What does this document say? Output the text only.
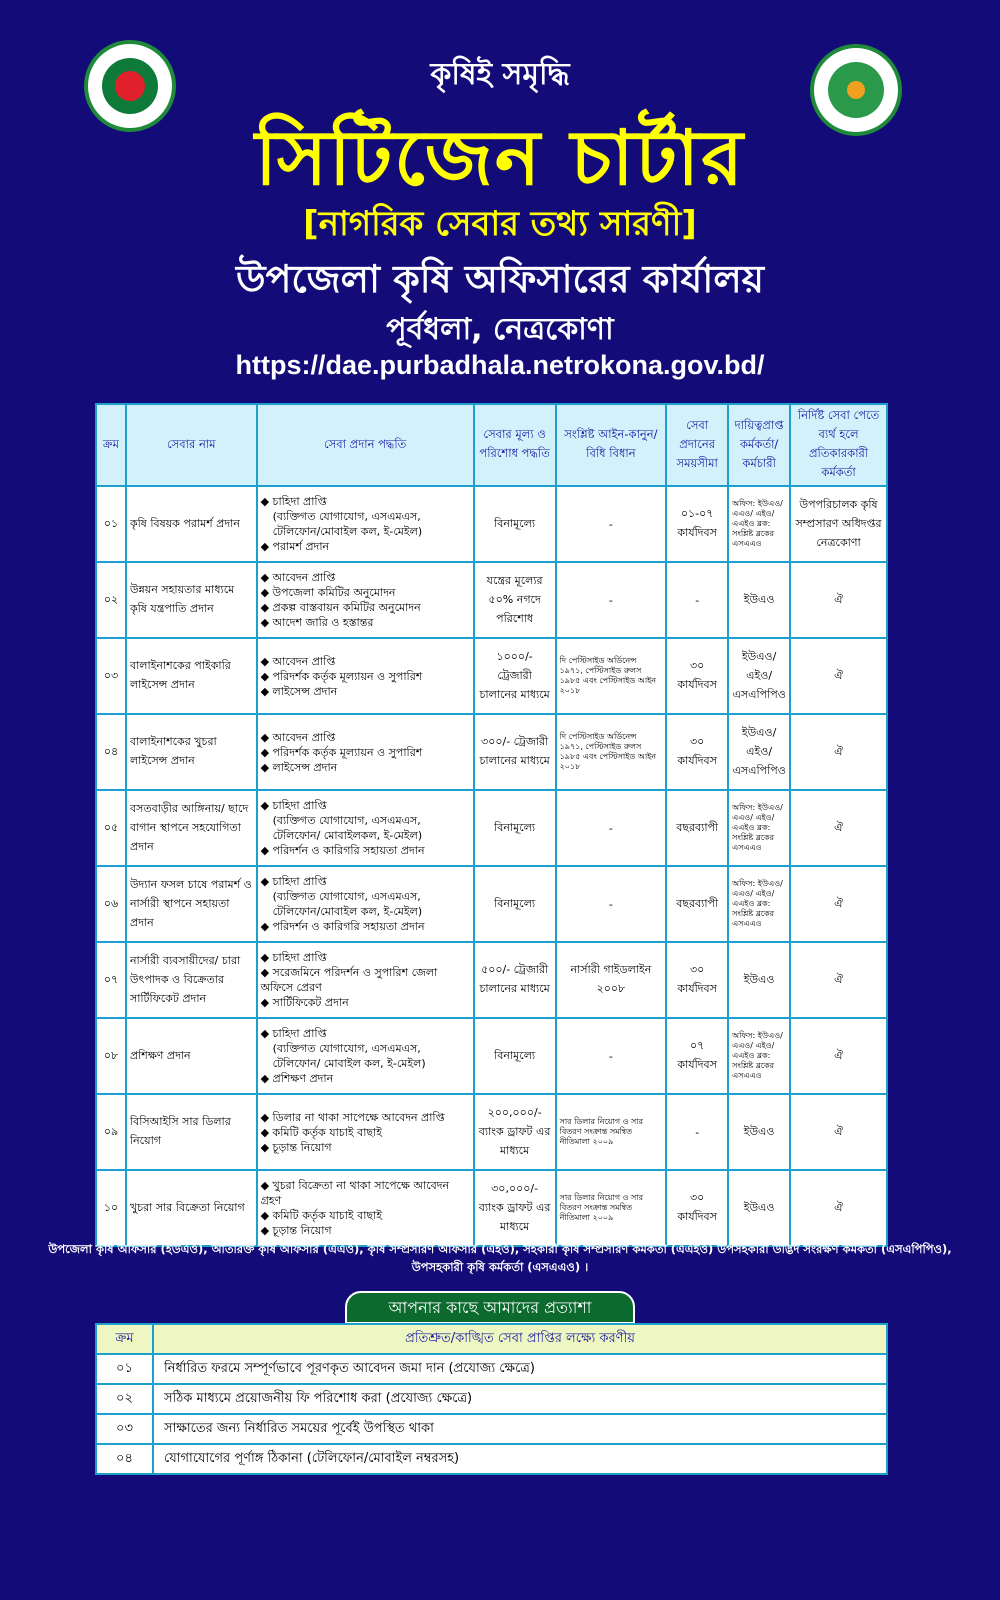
কৃষিই সমৃদ্ধি
সিটিজেন চার্টার
[নাগরিক সেবার তথ্য সারণী]
উপজেলা কৃষি অফিসারের কার্যালয়
পূর্বধলা, নেত্রকোণা
https://dae.purbadhala.netrokona.gov.bd/
ক্রম	সেবার নাম	সেবা প্রদান পদ্ধতি	সেবার মূল্য ও পরিশোধ পদ্ধতি	সংশ্লিষ্ট আইন-কানুন/ বিধি বিধান	সেবা প্রদানের সময়সীমা	দায়িত্বপ্রাপ্ত কর্মকর্তা/ কর্মচারী	নির্দিষ্ট সেবা পেতে ব্যর্থ হলে প্রতিকারকারী কর্মকর্তা
০১	কৃষি বিষয়ক পরামর্শ প্রদান	◆ চাহিদা প্রাপ্তি
(ব্যক্তিগত যোগাযোগ, এসএমএস, টেলিফোন/মোবাইল কল, ই-মেইল)
◆ পরামর্শ প্রদান	বিনামূল্যে	-	০১-০৭ কার্যদিবস	অফিস: ইউএও/এএও/ এইও/এএইও ব্লক: সংশ্লিষ্ট ব্লকের এসএএও	উপপরিচালক কৃষি সম্প্রসারণ অধিদপ্তর নেত্রকোণা
০২	উন্নয়ন সহায়তার মাধ্যমে কৃষি যন্ত্রপাতি প্রদান	◆ আবেদন প্রাপ্তি
◆ উপজেলা কমিটির অনুমোদন
◆ প্রকল্প বাস্তবায়ন কমিটির অনুমোদন
◆ আদেশ জারি ও হস্তান্তর	যন্ত্রের মূল্যের ৫০% নগদে পরিশোধ	-	-	ইউএও	ঐ
০৩	বালাইনাশকের পাইকারি লাইসেন্স প্রদান	◆ আবেদন প্রাপ্তি
◆ পরিদর্শক কর্তৃক মূল্যায়ন ও সুপারিশ
◆ লাইসেন্স প্রদান	১০০০/- ট্রেজারী চালানের মাধ্যমে	দি পেস্টিসাইড অর্ডিনেন্স ১৯৭১, পেস্টিসাইড রুলস ১৯৮৫ এবং পেস্টিসাইড আইন ২০১৮	৩০ কার্যদিবস	ইউএও/ এইও/ এসএপিপিও	ঐ
০৪	বালাইনাশকের খুচরা লাইসেন্স প্রদান	◆ আবেদন প্রাপ্তি
◆ পরিদর্শক কর্তৃক মূল্যায়ন ও সুপারিশ
◆ লাইসেন্স প্রদান	৩০০/- ট্রেজারী চালানের মাধ্যমে	দি পেস্টিসাইড অর্ডিনেন্স ১৯৭১, পেস্টিসাইড রুলস ১৯৮৫ এবং পেস্টিসাইড আইন ২০১৮	৩০ কার্যদিবস	ইউএও/ এইও/ এসএপিপিও	ঐ
০৫	বসতবাড়ীর আঙ্গিনায়/ ছাদে বাগান স্থাপনে সহযোগিতা প্রদান	◆ চাহিদা প্রাপ্তি
(ব্যক্তিগত যোগাযোগ, এসএমএস, টেলিফোন/ মোবাইলকল, ই-মেইল)
◆ পরিদর্শন ও কারিগরি সহায়তা প্রদান	বিনামূল্যে	-	বছরব্যাপী	অফিস: ইউএও/এএও/ এইও/এএইও ব্লক: সংশ্লিষ্ট ব্লকের এসএএও	ঐ
০৬	উদ্যান ফসল চাষে পরামর্শ ও নার্সারী স্থাপনে সহায়তা প্রদান	◆ চাহিদা প্রাপ্তি
(ব্যক্তিগত যোগাযোগ, এসএমএস, টেলিফোন/মোবাইল কল, ই-মেইল)
◆ পরিদর্শন ও কারিগরি সহায়তা প্রদান	বিনামূল্যে	-	বছরব্যাপী	অফিস: ইউএও/এএও/ এইও/এএইও ব্লক: সংশ্লিষ্ট ব্লকের এসএএও	ঐ
০৭	নার্সারী ব্যবসায়ীদের/ চারা উৎপাদক ও বিক্রেতার সার্টিফিকেট প্রদান	◆ চাহিদা প্রাপ্তি
◆ সরেজমিনে পরিদর্শন ও সুপারিশ জেলা অফিসে প্রেরণ
◆ সার্টিফিকেট প্রদান	৫০০/- ট্রেজারী চালানের মাধ্যমে	নার্সারী গাইডলাইন ২০০৮	৩০ কার্যদিবস	ইউএও	ঐ
০৮	প্রশিক্ষণ প্রদান	◆ চাহিদা প্রাপ্তি
(ব্যক্তিগত যোগাযোগ, এসএমএস, টেলিফোন/ মোবাইল কল, ই-মেইল)
◆ প্রশিক্ষণ প্রদান	বিনামূল্যে	-	০৭ কার্যদিবস	অফিস: ইউএও/এএও/ এইও/এএইও ব্লক: সংশ্লিষ্ট ব্লকের এসএএও	ঐ
০৯	বিসিআইসি সার ডিলার নিয়োগ	◆ ডিলার না থাকা সাপেক্ষে আবেদন প্রাপ্তি
◆ কমিটি কর্তৃক যাচাই বাছাই
◆ চূড়ান্ত নিয়োগ	২০০,০০০/- ব্যাংক ড্রাফট এর মাধ্যমে	সার ডিলার নিয়োগ ও সার বিতরণ সংক্রান্ত সমন্বিত নীতিমালা ২০০৯	-	ইউএও	ঐ
১০	খুচরা সার বিক্রেতা নিয়োগ	◆ খুচরা বিক্রেতা না থাকা সাপেক্ষে আবেদন গ্রহণ
◆ কমিটি কর্তৃক যাচাই বাছাই
◆ চূড়ান্ত নিয়োগ	৩০,০০০/- ব্যাংক ড্রাফট এর মাধ্যমে	সার ডিলার নিয়োগ ও সার বিতরণ সংক্রান্ত সমন্বিত নীতিমালা ২০০৯	৩০ কার্যদিবস	ইউএও	ঐ
উপজেলা কৃষি অফিসার (ইউএও), অতিরিক্ত কৃষি অফিসার (এএও), কৃষি সম্প্রসারণ অফিসার (এইও), সহকারী কৃষি সম্প্রসারণ কর্মকর্তা (এএইও) উপসহকারী উদ্ভিদ সংরক্ষণ কর্মকর্তা (এসএপিপিও), উপসহকারী কৃষি কর্মকর্তা (এসএএও) ।
আপনার কাছে আমাদের প্রত্যাশা
ক্রম	প্রতিশ্রুত/কাঙ্খিত সেবা প্রাপ্তির লক্ষ্যে করণীয়
০১	নির্ধারিত ফরমে সম্পূর্ণভাবে পূরণকৃত আবেদন জমা দান (প্রযোজ্য ক্ষেত্রে)
০২	সঠিক মাধ্যমে প্রয়োজনীয় ফি পরিশোধ করা (প্রযোজ্য ক্ষেত্রে)
০৩	সাক্ষাতের জন্য নির্ধারিত সময়ের পূর্বেই উপস্থিত থাকা
০৪	যোগাযোগের পূর্ণাঙ্গ ঠিকানা (টেলিফোন/মোবাইল নম্বরসহ)
